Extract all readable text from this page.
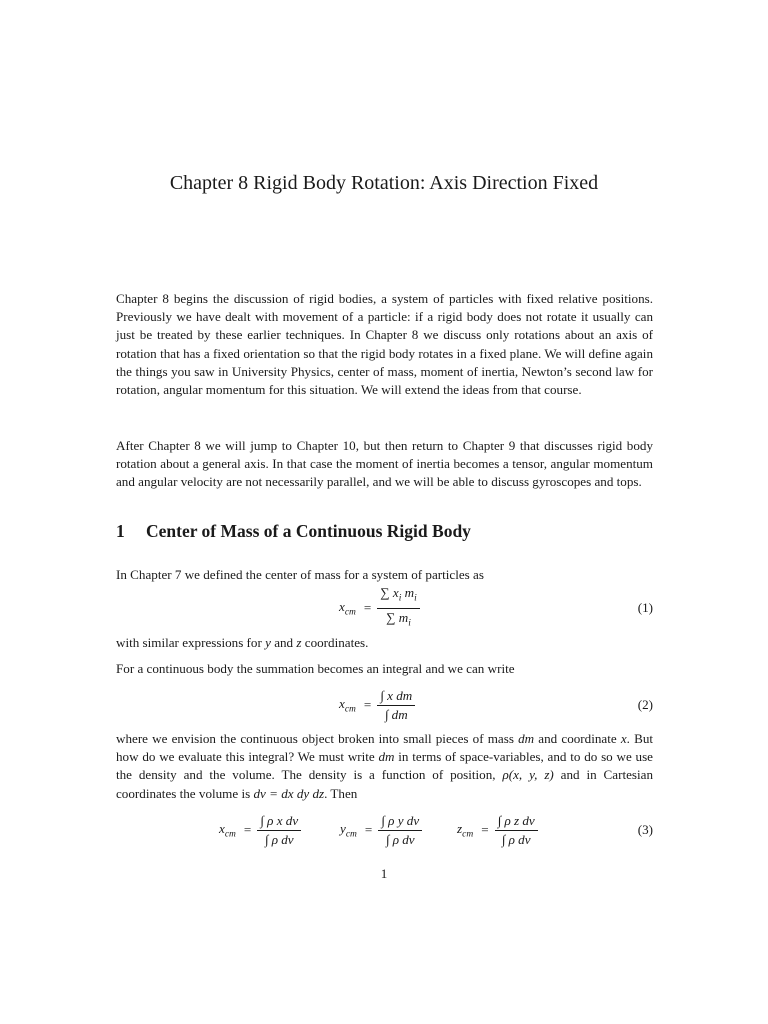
Chapter 8 Rigid Body Rotation: Axis Direction Fixed

Chapter 8 begins the discussion of rigid bodies, a system of particles with fixed relative positions. Previously we have dealt with movement of a particle: if a rigid body does not rotate it usually can just be treated by these earlier techniques. In Chapter 8 we discuss only rotations about an axis of rotation that has a fixed orientation so that the rigid body rotates in a fixed plane. We will define again the things you saw in University Physics, center of mass, moment of inertia, Newton’s second law for rotation, angular momentum for this situation. We will extend the ideas from that course.

After Chapter 8 we will jump to Chapter 10, but then return to Chapter 9 that discusses rigid body rotation about a general axis. In that case the moment of inertia becomes a tensor, angular momentum and angular velocity are not necessarily parallel, and we will be able to discuss gyroscopes and tops.

1 Center of Mass of a Continuous Rigid Body

In Chapter 7 we defined the center of mass for a system of particles as

$x_{cm} = \frac{\sum x_i m_i}{\sum m_i}$	(1)

with similar expressions for y and z coordinates.

For a continuous body the summation becomes an integral and we can write

$x_{cm} = \frac{\text{∫ x dm}}{\int dm}$	(2)

where we envision the continuous object broken into small pieces of mass dm and coordinate x. But how do we evaluate this integral? We must write dm in terms of space-variables, and to do so we use the density and the volume. The density is a function of position, ρ(x, y, z) and in Cartesian coordinates the volume is dv = dx dy dz. Then

$x_{cm} = \frac{\text{∫ ρ x dv}}{\text{∫ ρ dv}}$	$y_{cm} = \frac{\text{∫ ρ y dv}}{\text{∫ ρ dv}}$	$z_{cm} = \frac{\text{∫ ρ z dv}}{\text{∫ ρ dv}}$	(3)
1
